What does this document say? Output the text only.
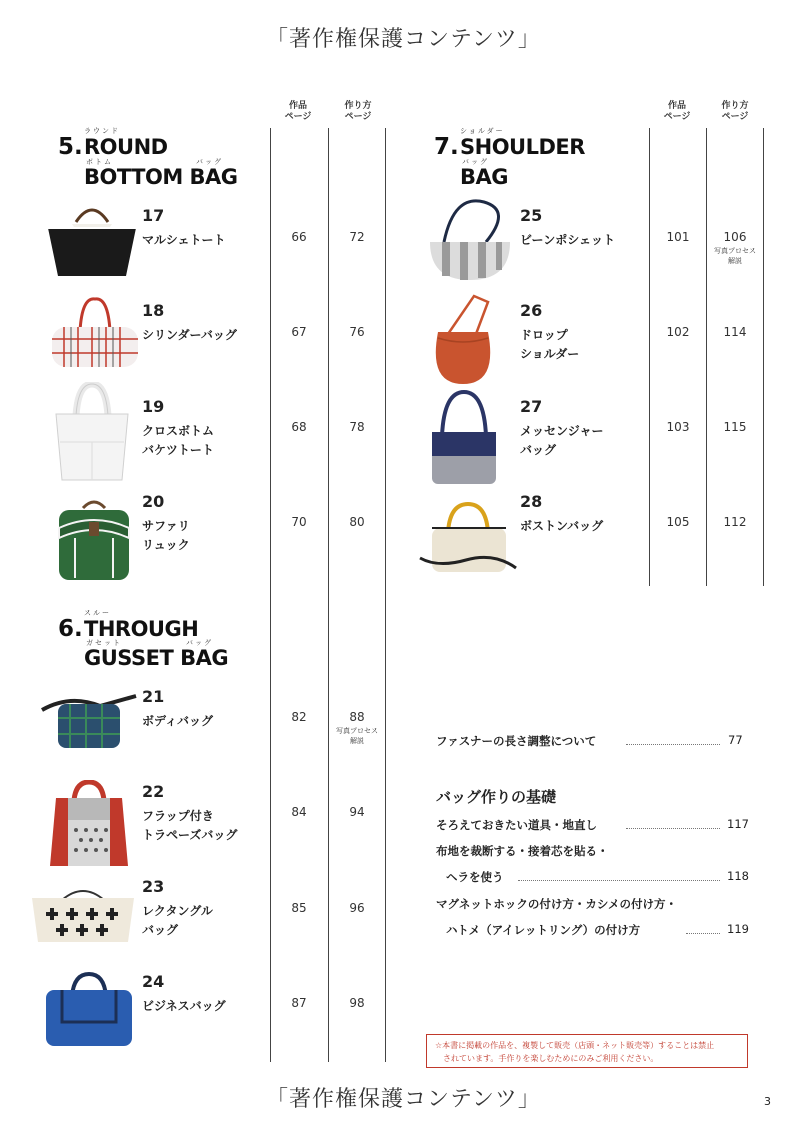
「著作権保護コンテンツ」
「著作権保護コンテンツ」	3
作品
ページ
作り方
ページ
作品
ページ
作り方
ページ
ラウンド
5. ROUND
ボトム	バッグ
BOTTOM BAG
スルー
6. THROUGH
ガセット	バッグ
GUSSET BAG
ショルダー
7. SHOULDER
バッグ
BAG
17
マルシェトート	66	72
18
シリンダーバッグ	67	76
19
クロスボトム
バケツトート
68	78
20
サファリ
リュック
70	80
21
ボディバッグ	82	88
写真プロセス
解説
22
フラップ付き
トラペーズバッグ
84	94
23
レクタングル
バッグ
85	96
24
ビジネスバッグ	87	98
25
ビーンポシェット	101	106
写真プロセス
解説
26
ドロップ
ショルダー
102	114
27
メッセンジャー
バッグ
103	115
28
ボストンバッグ	105	112
ファスナーの長さ調整について	77
バッグ作りの基礎
そろえておきたい道具・地直し	117
布地を裁断する・接着芯を貼る・
ヘラを使う	118
マグネットホックの付け方・カシメの付け方・
ハトメ（アイレットリング）の付け方	119
☆本書に掲載の作品を、複製して販売（店頭・ネット販売等）することは禁止
されています。手作りを楽しむためにのみご利用ください。
